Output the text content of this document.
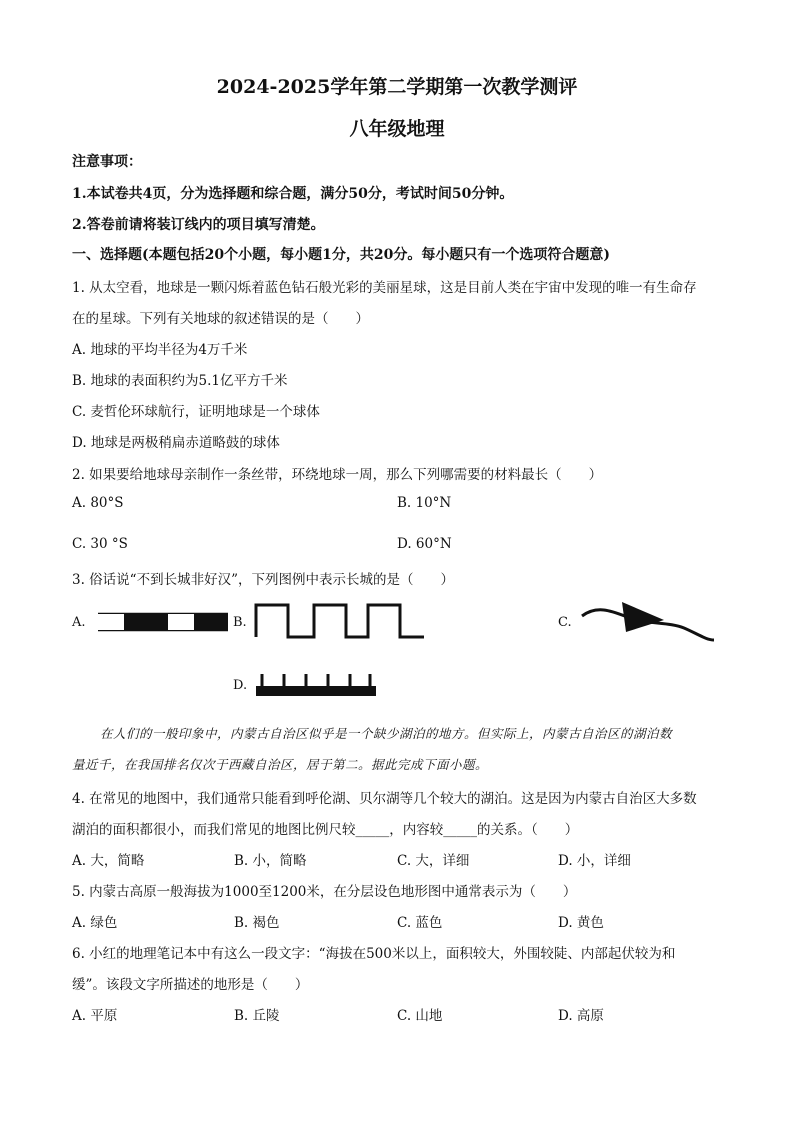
2024-2025学年第二学期第一次教学测评
八年级地理
注意事项：
1.本试卷共4页，分为选择题和综合题，满分50分，考试时间50分钟。
2.答卷前请将装订线内的项目填写清楚。
一、选择题(本题包括20个小题，每小题1分，共20分。每小题只有一个选项符合题意)
1. 从太空看，地球是一颗闪烁着蓝色钻石般光彩的美丽星球，这是目前人类在宇宙中发现的唯一有生命存
在的星球。下列有关地球的叙述错误的是（　　）
A. 地球的平均半径为4万千米
B. 地球的表面积约为5.1亿平方千米
C. 麦哲伦环球航行，证明地球是一个球体
D. 地球是两极稍扁赤道略鼓的球体
2. 如果要给地球母亲制作一条丝带，环绕地球一周，那么下列哪需要的材料最长（　　）
A. 80°S	B. 10°N
C. 30 °S	D. 60°N
3. 俗话说“不到长城非好汉”，下列图例中表示长城的是（　　）
A.	B.	C.
D.
在人们的一般印象中，内蒙古自治区似乎是一个缺少湖泊的地方。但实际上，内蒙古自治区的湖泊数
量近千，在我国排名仅次于西藏自治区，居于第二。据此完成下面小题。
4. 在常见的地图中，我们通常只能看到呼伦湖、贝尔湖等几个较大的湖泊。这是因为内蒙古自治区大多数
湖泊的面积都很小，而我们常见的地图比例尺较_____，内容较_____的关系。（　　）
A. 大，简略	B. 小，简略	C. 大，详细	D. 小，详细
5. 内蒙古高原一般海拔为1000至1200米，在分层设色地形图中通常表示为（　　）
A. 绿色	B. 褐色	C. 蓝色	D. 黄色
6. 小红的地理笔记本中有这么一段文字：“海拔在500米以上，面积较大，外围较陡、内部起伏较为和
缓”。该段文字所描述的地形是（　　）
A. 平原	B. 丘陵	C. 山地	D. 高原
